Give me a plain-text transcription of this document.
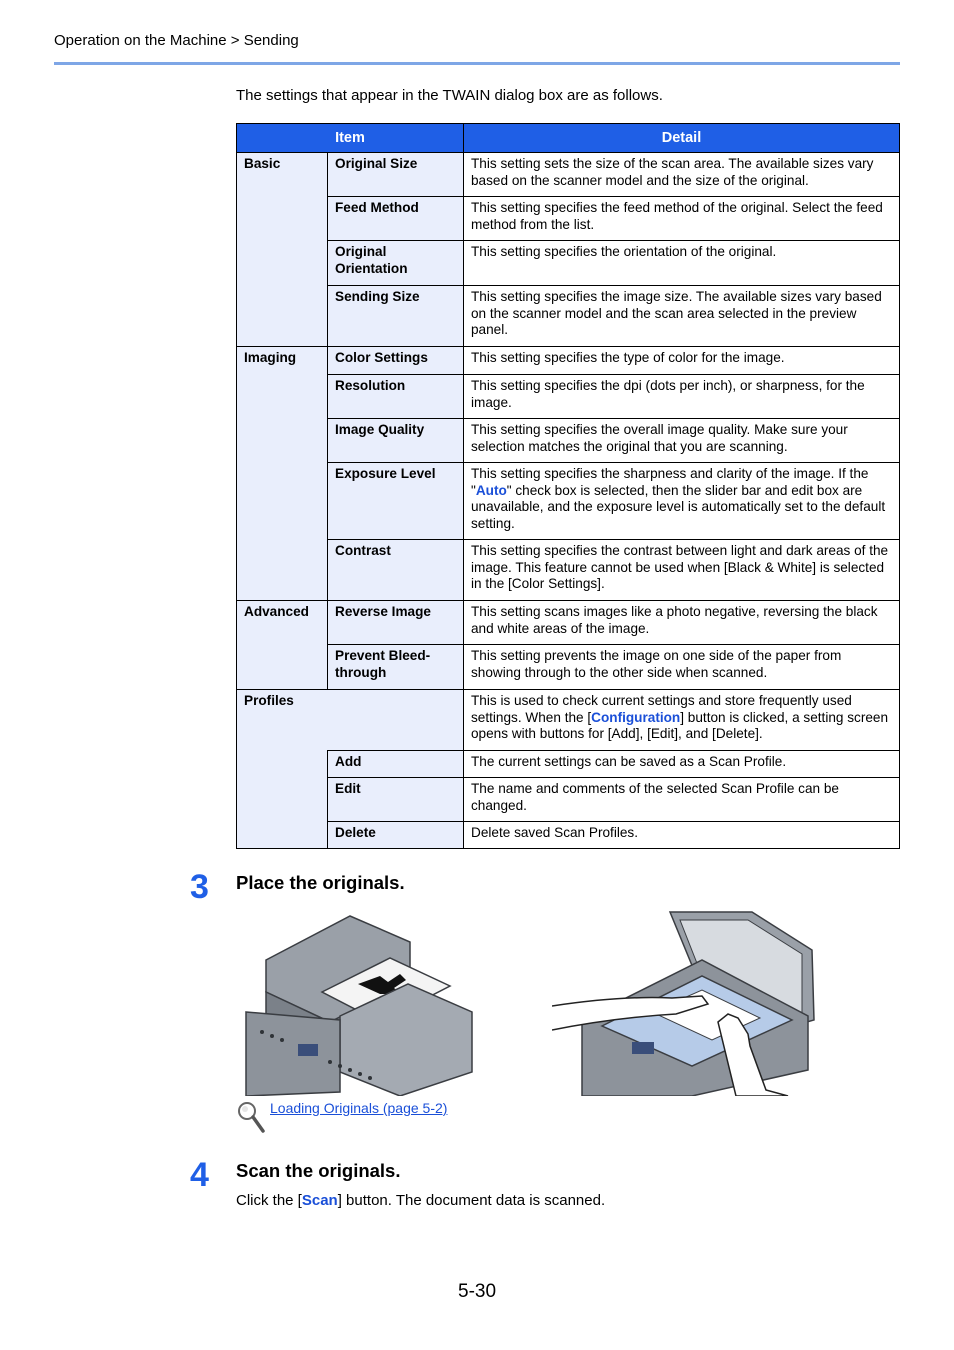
Operation on the Machine > Sending
The settings that appear in the TWAIN dialog box are as follows.
Item		Detail
Basic	Original Size	This setting sets the size of the scan area. The available sizes vary based on the scanner model and the size of the original.
	Feed Method	This setting specifies the feed method of the original. Select the feed method from the list.
	Original Orientation	This setting specifies the orientation of the original.
	Sending Size	This setting specifies the image size. The available sizes vary based on the scanner model and the scan area selected in the preview panel.
Imaging	Color Settings	This setting specifies the type of color for the image.
	Resolution	This setting specifies the dpi (dots per inch), or sharpness, for the image.
	Image Quality	This setting specifies the overall image quality. Make sure your selection matches the original that you are scanning.
	Exposure Level	This setting specifies the sharpness and clarity of the image. If the "Auto" check box is selected, then the slider bar and edit box are unavailable, and the exposure level is automatically set to the default setting.
	Contrast	This setting specifies the contrast between light and dark areas of the image. This feature cannot be used when [Black & White] is selected in the [Color Settings].
Advanced	Reverse Image	This setting scans images like a photo negative, reversing the black and white areas of the image.
	Prevent Bleed-through	This setting prevents the image on one side of the paper from showing through to the other side when scanned.
Profiles		This is used to check current settings and store frequently used settings. When the [Configuration] button is clicked, a setting screen opens with buttons for [Add], [Edit], and [Delete].
	Add	The current settings can be saved as a Scan Profile.
	Edit	The name and comments of the selected Scan Profile can be changed.
	Delete	Delete saved Scan Profiles.
3 Place the originals.
Loading Originals (page 5-2)
4 Scan the originals.
Click the [Scan] button. The document data is scanned.
5-30
